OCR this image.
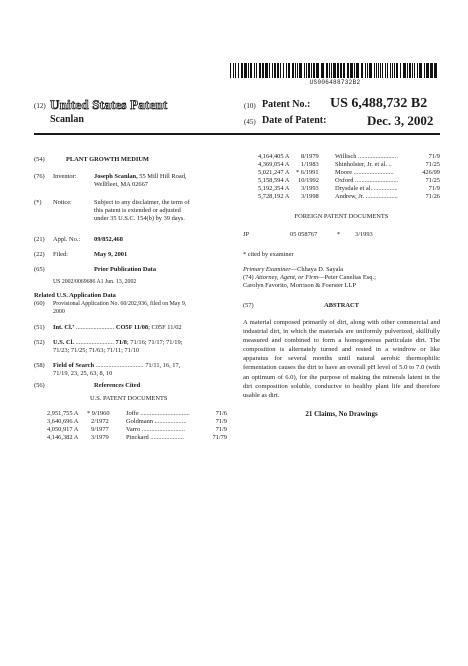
US006488732B2
(12) United States Patent
Scanlan
(10) Patent No.: US 6,488,732 B2
(45) Date of Patent:	Dec. 3, 2002
(54)	PLANT GROWTH MEDIUM
(76) Inventor:	Joseph Scanlan, 55 Mill Hill Road,
Wellfleet, MA 02667
(*) Notice:	Subject to any disclaimer, the term of
this patent is extended or adjusted
under 35 U.S.C. 154(b) by 39 days.
(21) Appl. No.: 09/852,468
(22) Filed:	May 9, 2001
(65)	Prior Publication Data
US 2002/0069686 A1 Jun. 13, 2002
Related U.S. Application Data
(60) Provisional Application No. 60/202,936, filed on May 9,
2000
(51) Int. Cl.⁷ ........................ CO5F 11/08; C05F 11/02
(52) U.S. Cl. ........................ 71/8; 71/16; 71/17; 71/19;
71/23; 71/25; 71/63; 71/11; 71/10
(58) Field of Search .............................. 71/11, 16, 17,
71/19, 23, 25, 63, 8, 10
(56)	References Cited
U.S. PATENT DOCUMENTS
2,951,755 A * 9/1960	Joffe ...............................	71/6
3,640,696 A 2/1972	Goldmann ....................	71/9
4,050,917 A 9/1977	Varro ...........................	71/9
4,146,382 A 3/1979	Pinckard .....................	71/79
4,164,405 A 8/1979	Willisch .........................	71/9
4,369,054 A 1/1983	Shinholster, Jr. et al. ..	71/25
5,021,247 A * 6/1991	Moore .........................	426/99
5,158,594 A 10/1992	Oxford ...........................	71/25
5,192,354 A 3/1993	Drysdale et al. ...............	71/9
5,728,192 A 3/1998	Andrew, Jr. ....................	71/26
FOREIGN PATENT DOCUMENTS
JP	05 058767	* 3/1993
* cited by examiner
Primary Examiner—Chhaya D. Sayala
(74) Attorney, Agent, or Firm—Peter Canelias Esq.;
Carolyn Favorito, Morrison & Foerster LLP
(57)	ABSTRACT
A material composed primarily of dirt, along with other commercial and industrial dirt, in which the materials are uniformly pulverized, skillfully measured and combined to form a homogeneous particulate dirt. The composition is alternately turned and rested in a windrow or like apparatus for several months until natural aerobic thermophilic fermentation causes the dirt to have an overall pH level of 5.0 to 7.0 (with an optimum of 6.0), for the purpose of making the minerals latent in the dirt composition soluble, conducive to healthy plant life and therefore usable as dirt.
21 Claims, No Drawings
